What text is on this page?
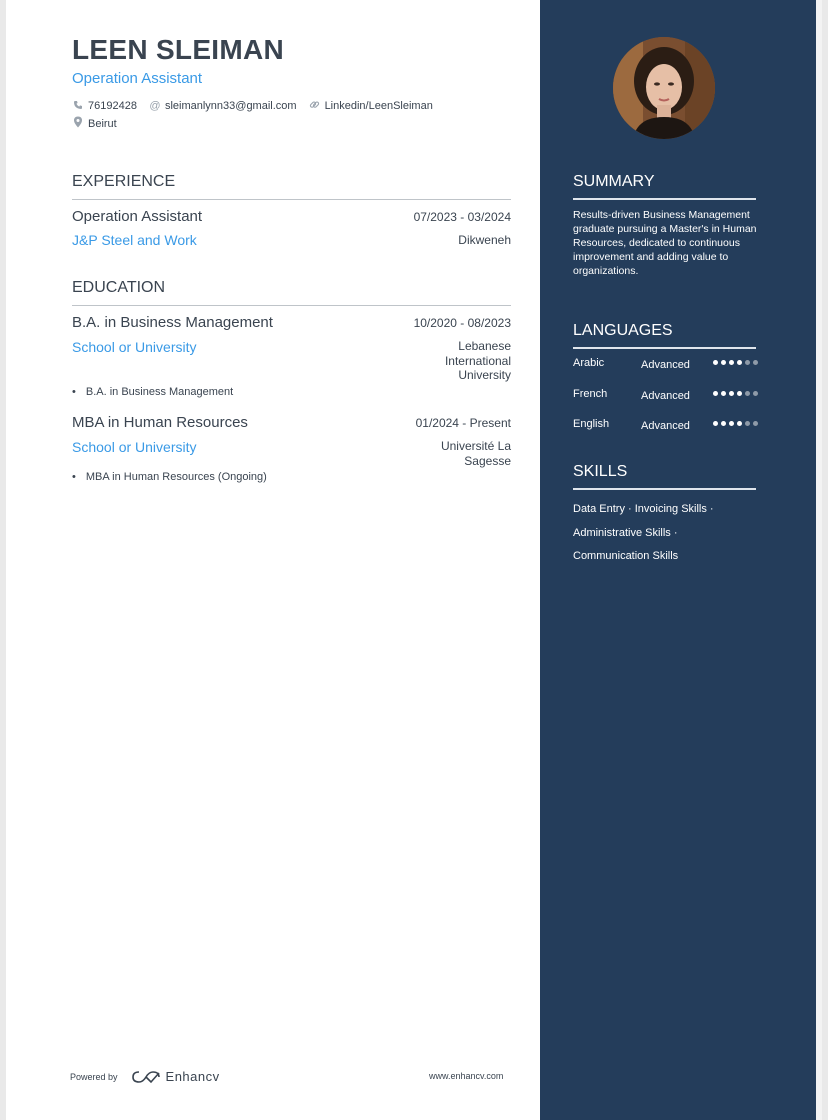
LEEN SLEIMAN
Operation Assistant
76192428 @ sleimanlynn33@gmail.com	Linkedin/LeenSleiman
Beirut
EXPERIENCE
Operation Assistant	07/2023 - 03/2024
J&P Steel and Work	Dikweneh
EDUCATION
B.A. in Business Management	10/2020 - 08/2023
School or University	Lebanese
International
University
• B.A. in Business Management
MBA in Human Resources	01/2024 - Present
School or University	Université La
Sagesse
• MBA in Human Resources (Ongoing)
Powered by	Enhancv	www.enhancv.com
SUMMARY
Results-driven Business Management graduate pursuing a Master's in Human Resources, dedicated to continuous improvement and adding value to organizations.
LANGUAGES
Arabic	Advanced
French	Advanced
English	Advanced
SKILLS
Data Entry · Invoicing Skills ·
Administrative Skills ·
Communication Skills
